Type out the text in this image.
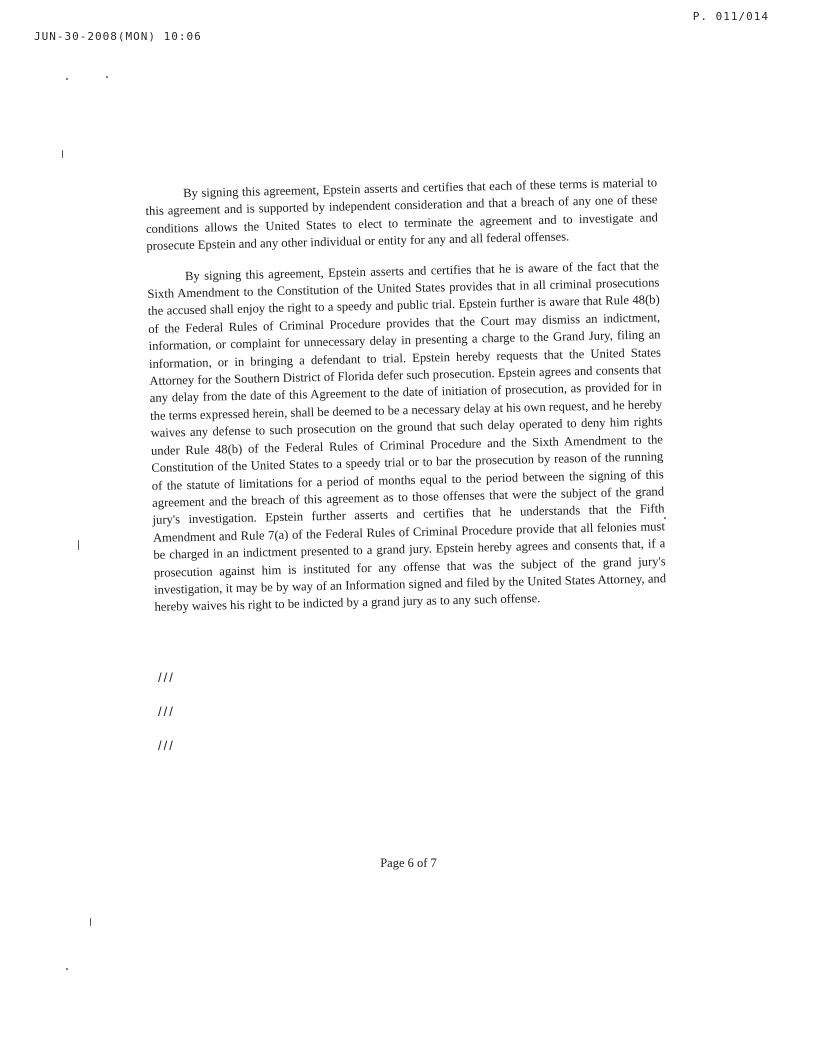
JUN-30-2008(MON) 10:06
P. 011/014

By signing this agreement, Epstein asserts and certifies that each of these terms is material to this agreement and is supported by independent consideration and that a breach of any one of these conditions allows the United States to elect to terminate the agreement and to investigate and prosecute Epstein and any other individual or entity for any and all federal offenses.

By signing this agreement, Epstein asserts and certifies that he is aware of the fact that the Sixth Amendment to the Constitution of the United States provides that in all criminal prosecutions the accused shall enjoy the right to a speedy and public trial. Epstein further is aware that Rule 48(b) of the Federal Rules of Criminal Procedure provides that the Court may dismiss an indictment, information, or complaint for unnecessary delay in presenting a charge to the Grand Jury, filing an information, or in bringing a defendant to trial. Epstein hereby requests that the United States Attorney for the Southern District of Florida defer such prosecution. Epstein agrees and consents that any delay from the date of this Agreement to the date of initiation of prosecution, as provided for in the terms expressed herein, shall be deemed to be a necessary delay at his own request, and he hereby waives any defense to such prosecution on the ground that such delay operated to deny him rights under Rule 48(b) of the Federal Rules of Criminal Procedure and the Sixth Amendment to the Constitution of the United States to a speedy trial or to bar the prosecution by reason of the running of the statute of limitations for a period of months equal to the period between the signing of this agreement and the breach of this agreement as to those offenses that were the subject of the grand jury's investigation. Epstein further asserts and certifies that he understands that the Fifth Amendment and Rule 7(a) of the Federal Rules of Criminal Procedure provide that all felonies must be charged in an indictment presented to a grand jury. Epstein hereby agrees and consents that, if a prosecution against him is instituted for any offense that was the subject of the grand jury's investigation, it may be by way of an Information signed and filed by the United States Attorney, and hereby waives his right to be indicted by a grand jury as to any such offense.

///
///
///
Page 6 of 7
